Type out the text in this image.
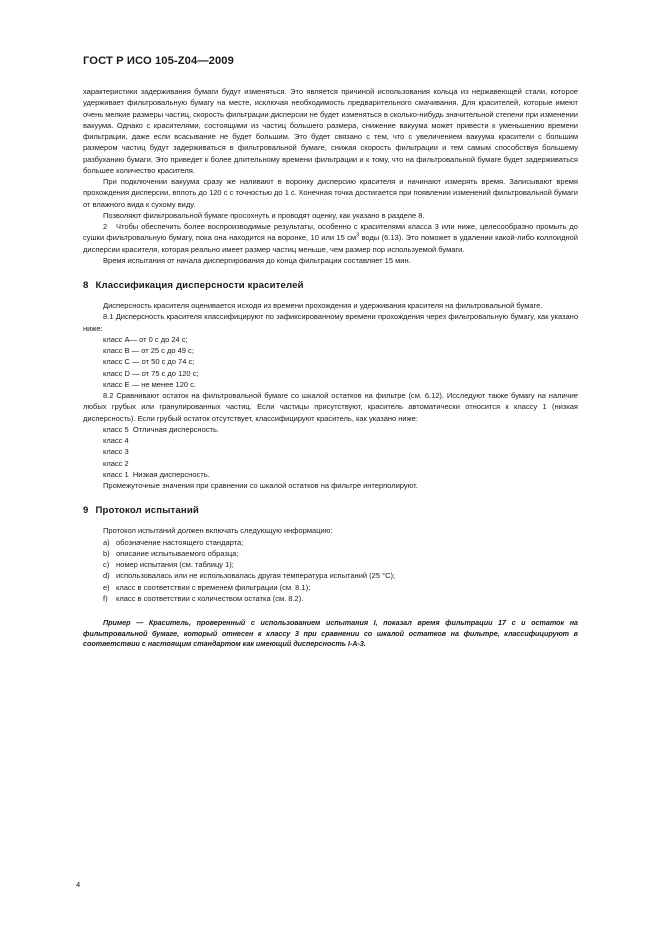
ГОСТ Р ИСО 105-Z04—2009

характеристики задерживания бумаги будут изменяться. Это является причиной использования кольца из нержавеющей стали, которое удерживает фильтровальную бумагу на месте, исключая необходимость предварительного смачивания. Для красителей, которые имеют очень мелкие размеры частиц, скорость фильтрации дисперсии не будет изменяться в сколько-нибудь значительной степени при изменении вакуума. Однако с красителями, состоящими из частиц большего размера, снижение вакуума может привести к уменьшению времени фильтрации, даже если всасывание не будет большим. Это будет связано с тем, что с увеличением вакуума красители с большим размером частиц будут задерживаться в фильтровальной бумаге, снижая скорость фильтрации и тем самым способствуя большему разбуханию бумаги. Это приведет к более длительному времени фильтрации и к тому, что на фильтровальной бумаге будет задерживаться большее количество красителя.

При подключении вакуума сразу же наливают в воронку дисперсию красителя и начинают измерять время. Записывают время прохождения дисперсии, вплоть до 120 с с точностью до 1 с. Конечная точка достигается при появлении изменений фильтровальной бумаги от влажного вида к сухому виду.

Позволяют фильтровальной бумаге просохнуть и проводят оценку, как указано в разделе 8.

2 Чтобы обеспечить более воспроизводимые результаты, особенно с красителями класса 3 или ниже, целесообразно промыть до сушки фильтровальную бумагу, пока она находится на воронке, 10 или 15 $см^3$ воды (6.13). Это поможет в удалении какой-либо коллоидной дисперсии красителя, которая реально имеет размер частиц меньше, чем размер пор используемой бумаги.

Время испытания от начала диспергирования до конца фильтрации составляет 15 мин.

8 Классификация дисперсности красителей

Дисперсность красителя оценивается исходя из времени прохождения и удерживания красителя на фильтровальной бумаге.

8.1 Дисперсность красителя классифицируют по зафиксированному времени прохождения через фильтровальную бумагу, как указано ниже:

класс A— от 0 с до 24 с;

класс B — от 25 с до 49 с;

класс C — от 50 с до 74 с;

класс D — от 75 с до 120 с;

класс E — не менее 120 с.

8.2 Сравнивают остаток на фильтровальной бумаге со шкалой остатков на фильтре (см. 6.12). Исследуют также бумагу на наличие любых грубых или гранулированных частиц. Если частицы присутствуют, краситель автоматически относится к классу 1 (низкая дисперсность). Если грубый остаток отсутствует, классифицируют краситель, как указано ниже:

класс 5  Отличная дисперсность.

класс 4

класс 3

класс 2

класс 1  Низкая дисперсность.

Промежуточные значения при сравнении со шкалой остатков на фильтре интерполируют.

9 Протокол испытаний

Протокол испытаний должен включать следующую информацию:

a) обозначение настоящего стандарта;

b) описание испытываемого образца;

c) номер испытания (см. таблицу 1);

d) использовалась или не использовалась другая температура испытаний (25 °C);

e) класс в соответствии с временем фильтрации (см. 8.1);

f) класс в соответствии с количеством остатка (см. 8.2).

Пример — Краситель, проверенный с использованием испытания I, показал время фильтрации 17 с и остаток на фильтровальной бумаге, который отнесен к классу 3 при сравнении со шкалой остатков на фильтре, классифицируют в соответствии с настоящим стандартом как имеющий дисперсность I-A-3.

4
